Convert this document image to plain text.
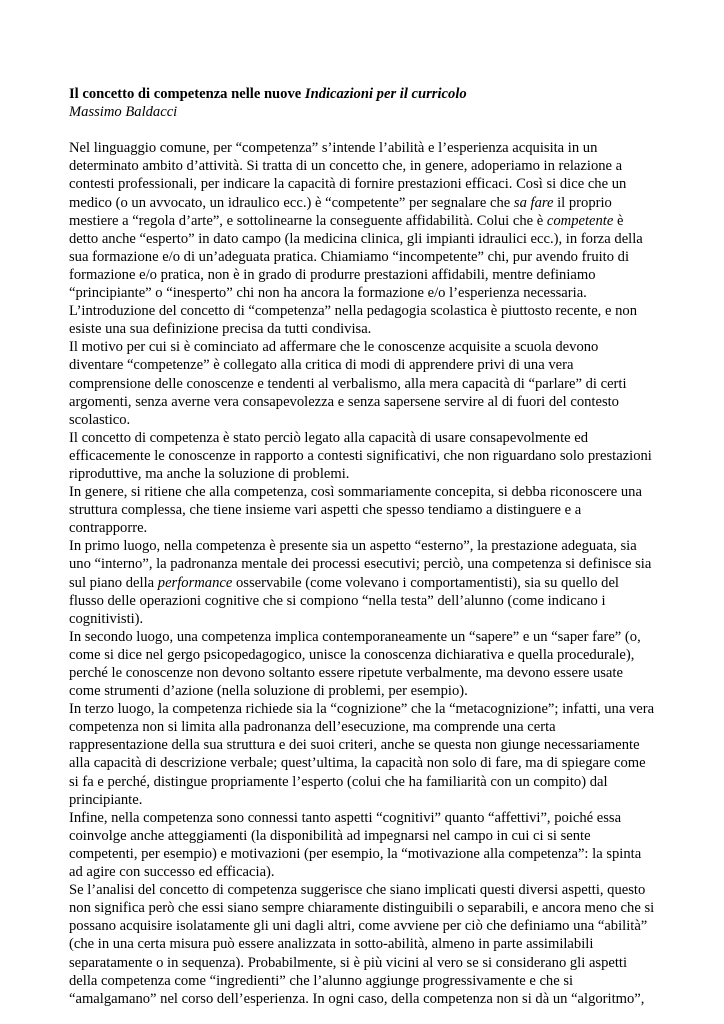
Il concetto di competenza nelle nuove Indicazioni per il curricolo

Massimo Baldacci

Nel linguaggio comune, per “competenza” s’intende l’abilità e l’esperienza acquisita in un determinato ambito d’attività. Si tratta di un concetto che, in genere, adoperiamo in relazione a contesti professionali, per indicare la capacità di fornire prestazioni efficaci. Così si dice che un medico (o un avvocato, un idraulico ecc.) è “competente” per segnalare che sa fare il proprio mestiere a “regola d’arte”, e sottolinearne la conseguente affidabilità. Colui che è competente è detto anche “esperto” in dato campo (la medicina clinica, gli impianti idraulici ecc.), in forza della sua formazione e/o di un’adeguata pratica. Chiamiamo “incompetente” chi, pur avendo fruito di formazione e/o pratica, non è in grado di produrre prestazioni affidabili, mentre definiamo “principiante” o “inesperto” chi non ha ancora la formazione e/o l’esperienza necessaria.

L’introduzione del concetto di “competenza” nella pedagogia scolastica è piuttosto recente, e non esiste una sua definizione precisa da tutti condivisa.

Il motivo per cui si è cominciato ad affermare che le conoscenze acquisite a scuola devono diventare “competenze” è collegato alla critica di modi di apprendere privi di una vera comprensione delle conoscenze e tendenti al verbalismo, alla mera capacità di “parlare” di certi argomenti, senza averne vera consapevolezza e senza sapersene servire al di fuori del contesto scolastico.

Il concetto di competenza è stato perciò legato alla capacità di usare consapevolmente ed efficacemente le conoscenze in rapporto a contesti significativi, che non riguardano solo prestazioni riproduttive, ma anche la soluzione di problemi.

In genere, si ritiene che alla competenza, così sommariamente concepita, si debba riconoscere una struttura complessa, che tiene insieme vari aspetti che spesso tendiamo a distinguere e a contrapporre.

In primo luogo, nella competenza è presente sia un aspetto “esterno”, la prestazione adeguata, sia uno “interno”, la padronanza mentale dei processi esecutivi; perciò, una competenza si definisce sia sul piano della performance osservabile (come volevano i comportamentisti), sia su quello del flusso delle operazioni cognitive che si compiono “nella testa” dell’alunno (come indicano i cognitivisti).

In secondo luogo, una competenza implica contemporaneamente un “sapere” e un “saper fare” (o, come si dice nel gergo psicopedagogico, unisce la conoscenza dichiarativa e quella procedurale), perché le conoscenze non devono soltanto essere ripetute verbalmente, ma devono essere usate come strumenti d’azione (nella soluzione di problemi, per esempio).

In terzo luogo, la competenza richiede sia la “cognizione” che la “metacognizione”; infatti, una vera competenza non si limita alla padronanza dell’esecuzione, ma comprende una certa rappresentazione della sua struttura e dei suoi criteri, anche se questa non giunge necessariamente alla capacità di descrizione verbale; quest’ultima, la capacità non solo di fare, ma di spiegare come si fa e perché, distingue propriamente l’esperto (colui che ha familiarità con un compito) dal principiante.

Infine, nella competenza sono connessi tanto aspetti “cognitivi” quanto “affettivi”, poiché essa coinvolge anche atteggiamenti (la disponibilità ad impegnarsi nel campo in cui ci si sente competenti, per esempio) e motivazioni (per esempio, la “motivazione alla competenza”: la spinta ad agire con successo ed efficacia).

Se l’analisi del concetto di competenza suggerisce che siano implicati questi diversi aspetti, questo non significa però che essi siano sempre chiaramente distinguibili o separabili, e ancora meno che si possano acquisire isolatamente gli uni dagli altri, come avviene per ciò che definiamo una “abilità” (che in una certa misura può essere analizzata in sotto-abilità, almeno in parte assimilabili separatamente o in sequenza). Probabilmente, si è più vicini al vero se si considerano gli aspetti della competenza come “ingredienti” che l’alunno aggiunge progressivamente e che si “amalgamano” nel corso dell’esperienza. In ogni caso, della competenza non si dà un “algoritmo”,
